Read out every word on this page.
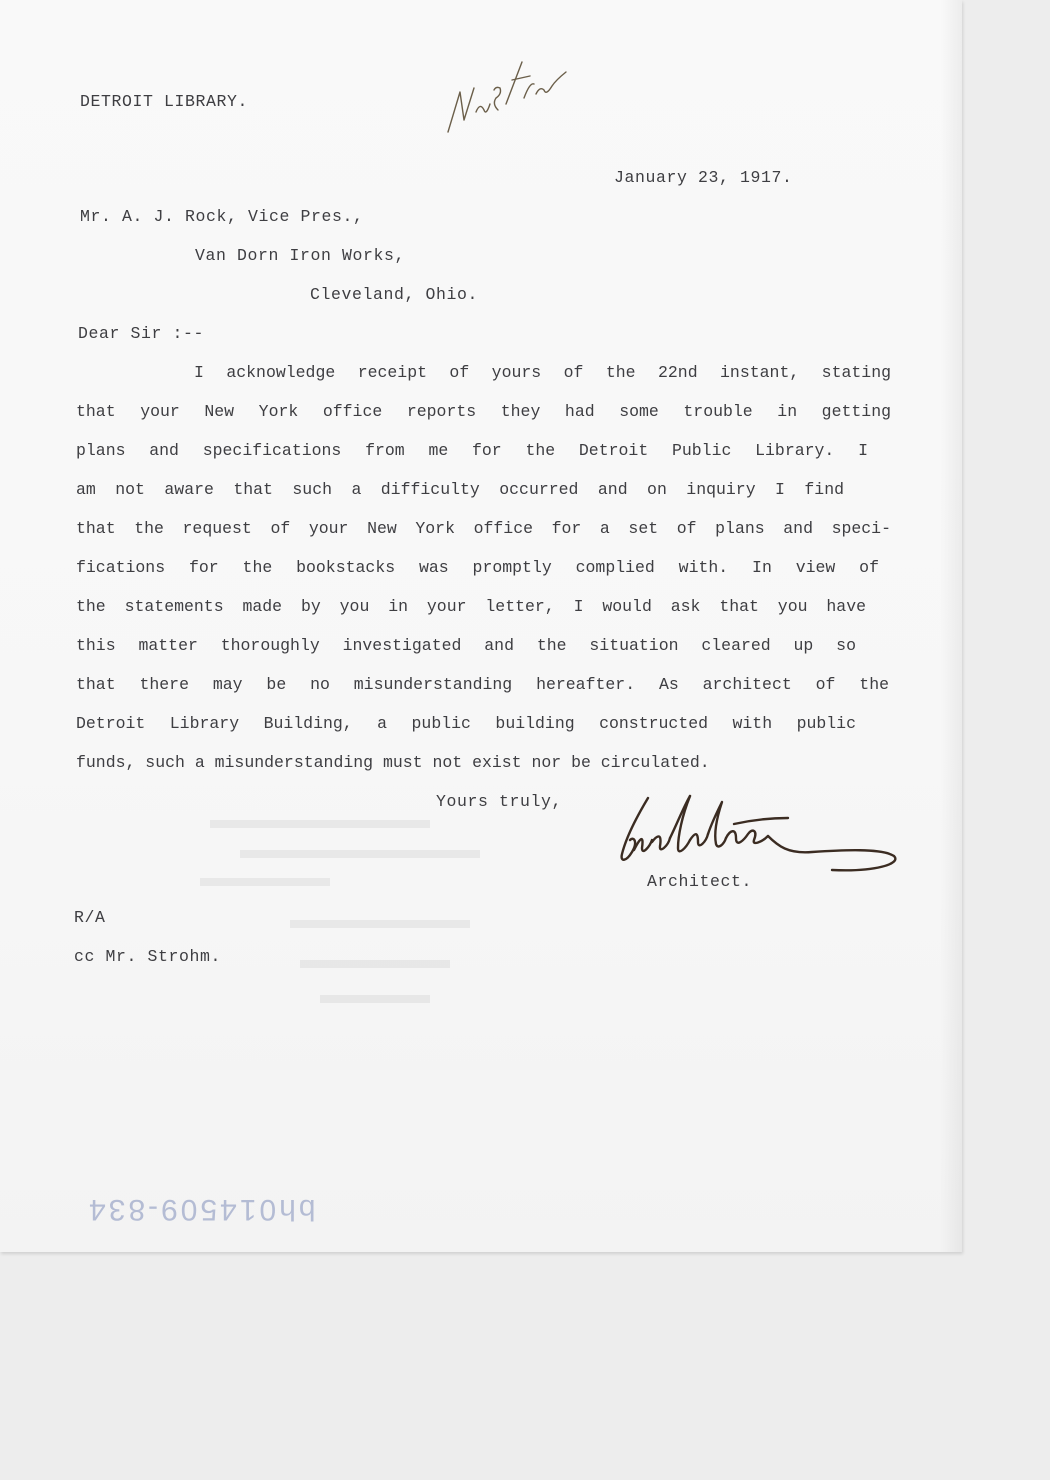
DETROIT LIBRARY.

January 23, 1917.

Mr. A. J. Rock, Vice Pres.,

Van Dorn Iron Works,

Cleveland, Ohio.

Dear Sir :--

I acknowledge receipt of yours of the 22nd instant, stating

that your New York office reports they had some trouble in getting

plans and specifications from me for the Detroit Public Library. I

am not aware that such a difficulty occurred and on inquiry I find

that the request of your New York office for a set of plans and speci-

fications for the bookstacks was promptly complied with. In view of

the statements made by you in your letter, I would ask that you have

this matter thoroughly investigated and the situation cleared up so

that there may be no misunderstanding hereafter. As architect of the

Detroit Library Building, a public building constructed with public

funds, such a misunderstanding must not exist nor be circulated.

Yours truly,

Architect.

R/A

cc Mr. Strohm.

bh014509-834
